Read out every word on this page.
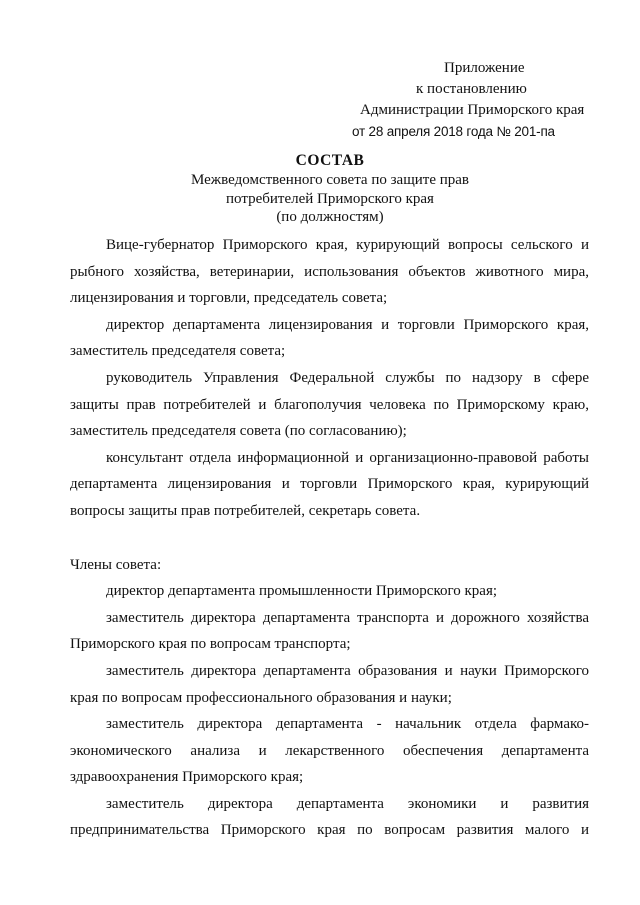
Приложение
к постановлению
Администрации Приморского края
от 28 апреля 2018 года № 201-па
СОСТАВ
Межведомственного совета по защите прав
потребителей Приморского края
(по должностям)

Вице-губернатор Приморского края, курирующий вопросы сельского и рыбного хозяйства, ветеринарии, использования объектов животного мира, лицензирования и торговли, председатель совета;

директор департамента лицензирования и торговли Приморского края, заместитель председателя совета;

руководитель Управления Федеральной службы по надзору в сфере защиты прав потребителей и благополучия человека по Приморскому краю, заместитель председателя совета (по согласованию);

консультант отдела информационной и организационно-правовой работы департамента лицензирования и торговли Приморского края, курирующий вопросы защиты прав потребителей, секретарь совета.

Члены совета:

директор департамента промышленности Приморского края;

заместитель директора департамента транспорта и дорожного хозяйства Приморского края по вопросам транспорта;

заместитель директора департамента образования и науки Приморского края по вопросам профессионального образования и науки;

заместитель директора департамента - начальник отдела фармако-экономического анализа и лекарственного обеспечения департамента здравоохранения Приморского края;

заместитель директора департамента экономики и развития предпринимательства Приморского края по вопросам развития малого и
